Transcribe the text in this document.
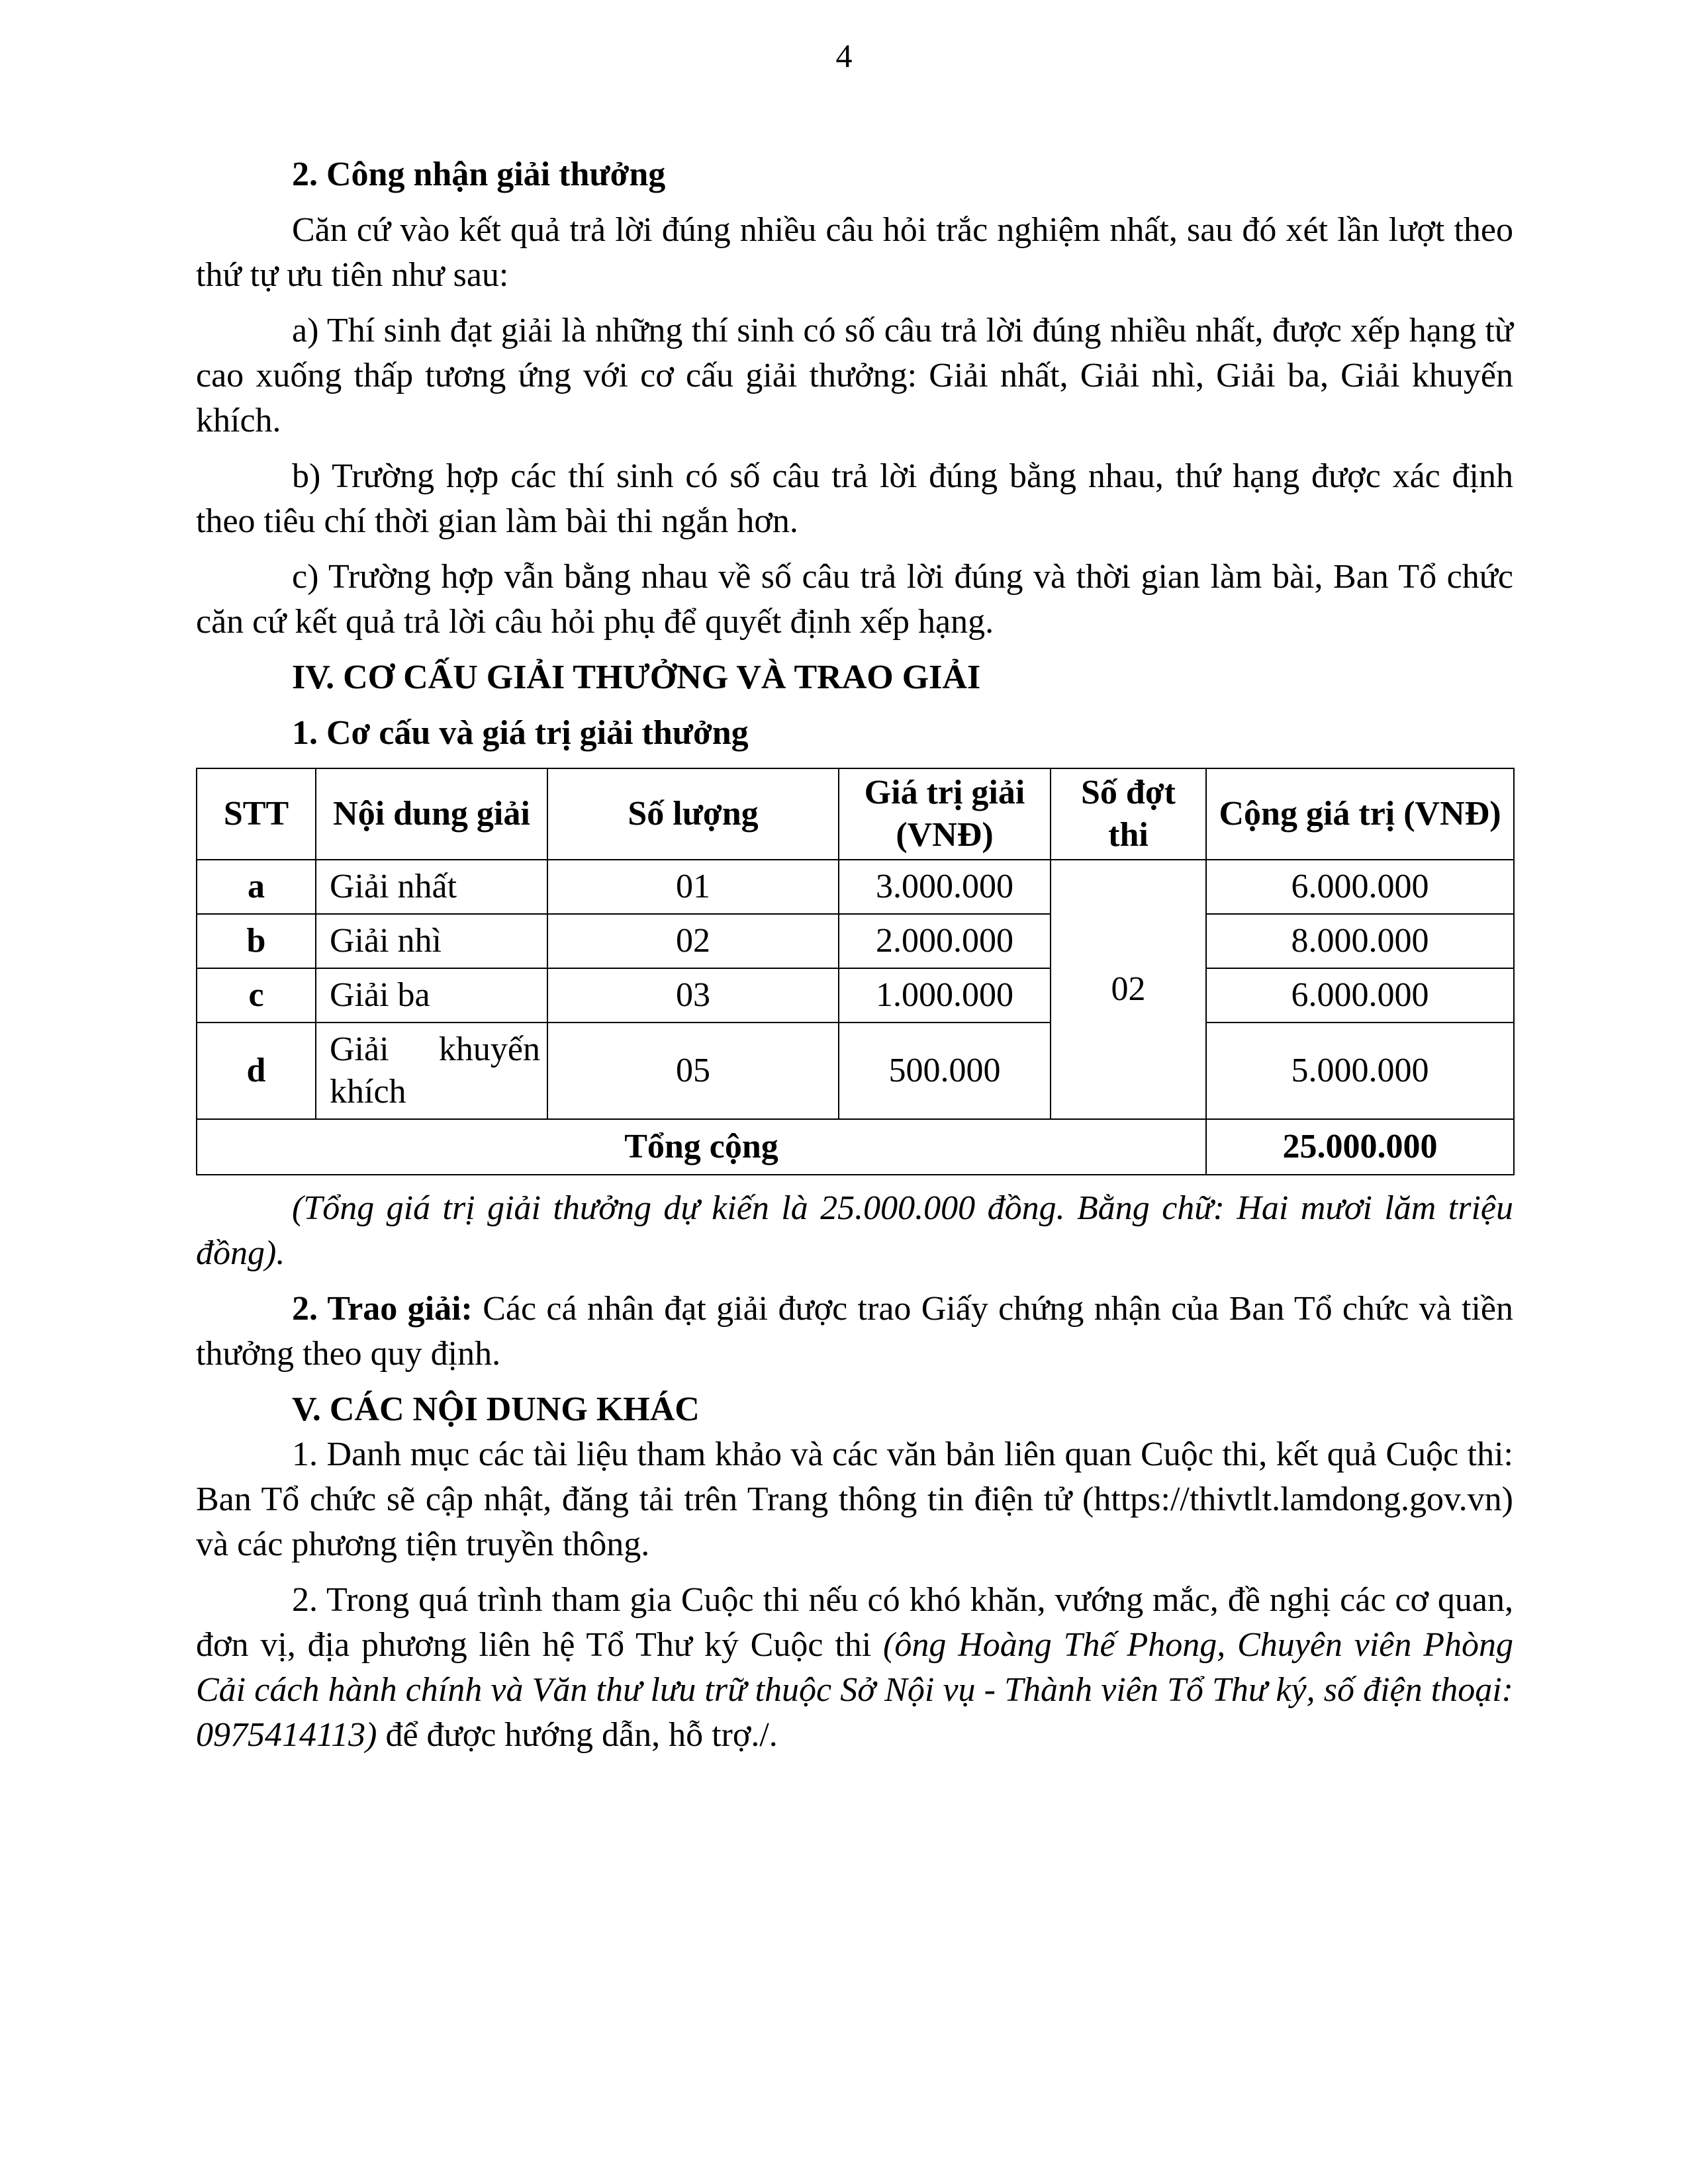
4

2. Công nhận giải thưởng

Căn cứ vào kết quả trả lời đúng nhiều câu hỏi trắc nghiệm nhất, sau đó xét lần lượt theo thứ tự ưu tiên như sau:

a) Thí sinh đạt giải là những thí sinh có số câu trả lời đúng nhiều nhất, được xếp hạng từ cao xuống thấp tương ứng với cơ cấu giải thưởng: Giải nhất, Giải nhì, Giải ba, Giải khuyến khích.

b) Trường hợp các thí sinh có số câu trả lời đúng bằng nhau, thứ hạng được xác định theo tiêu chí thời gian làm bài thi ngắn hơn.

c) Trường hợp vẫn bằng nhau về số câu trả lời đúng và thời gian làm bài, Ban Tổ chức căn cứ kết quả trả lời câu hỏi phụ để quyết định xếp hạng.

IV. CƠ CẤU GIẢI THƯỞNG VÀ TRAO GIẢI

1. Cơ cấu và giá trị giải thưởng

STT	Nội dung giải	Số lượng	Giá trị giải (VNĐ)	Số đợt thi	Cộng giá trị (VNĐ)
a	Giải nhất	01	3.000.000	02	6.000.000
b	Giải nhì	02	2.000.000		8.000.000
c	Giải ba	03	1.000.000		6.000.000
d	Giải khuyến khích	05	500.000		5.000.000
Tổng cộng					25.000.000

(Tổng giá trị giải thưởng dự kiến là 25.000.000 đồng. Bằng chữ: Hai mươi lăm triệu đồng).

2. Trao giải: Các cá nhân đạt giải được trao Giấy chứng nhận của Ban Tổ chức và tiền thưởng theo quy định.

V. CÁC NỘI DUNG KHÁC

1. Danh mục các tài liệu tham khảo và các văn bản liên quan Cuộc thi, kết quả Cuộc thi: Ban Tổ chức sẽ cập nhật, đăng tải trên Trang thông tin điện tử (https://thivtlt.lamdong.gov.vn) và các phương tiện truyền thông.

2. Trong quá trình tham gia Cuộc thi nếu có khó khăn, vướng mắc, đề nghị các cơ quan, đơn vị, địa phương liên hệ Tổ Thư ký Cuộc thi (ông Hoàng Thế Phong, Chuyên viên Phòng Cải cách hành chính và Văn thư lưu trữ thuộc Sở Nội vụ - Thành viên Tổ Thư ký, số điện thoại: 0975414113) để được hướng dẫn, hỗ trợ./.
